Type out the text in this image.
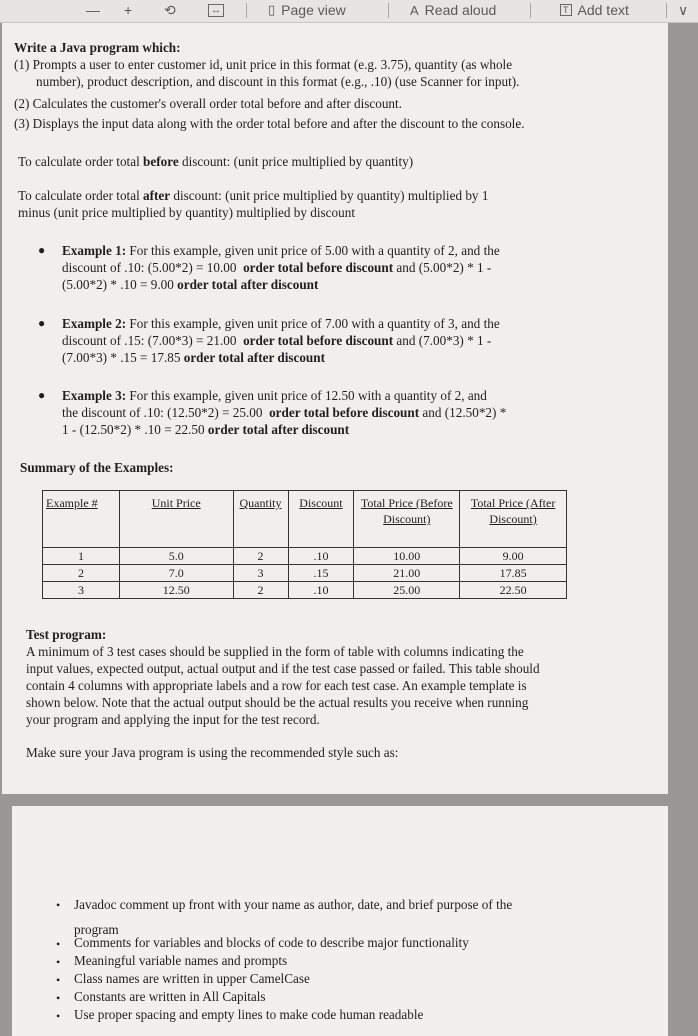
— + ⟲	↔	▯ Page view	A Read aloud	T Add text	∨
Write a Java program which:
(1) Prompts a user to enter customer id, unit price in this format (e.g. 3.75), quantity (as whole
number), product description, and discount in this format (e.g., .10) (use Scanner for input).
(2) Calculates the customer's overall order total before and after discount.
(3) Displays the input data along with the order total before and after the discount to the console.
To calculate order total before discount: (unit price multiplied by quantity)
To calculate order total after discount: (unit price multiplied by quantity) multiplied by 1
minus (unit price multiplied by quantity) multiplied by discount
● Example 1: For this example, given unit price of 5.00 with a quantity of 2, and the
discount of .10: (5.00*2) = 10.00 order total before discount and (5.00*2) * 1 -
(5.00*2) * .10 = 9.00 order total after discount
● Example 2: For this example, given unit price of 7.00 with a quantity of 3, and the
discount of .15: (7.00*3) = 21.00 order total before discount and (7.00*3) * 1 -
(7.00*3) * .15 = 17.85 order total after discount
● Example 3: For this example, given unit price of 12.50 with a quantity of 2, and
the discount of .10: (12.50*2) = 25.00 order total before discount and (12.50*2) *
1 - (12.50*2) * .10 = 22.50 order total after discount
Summary of the Examples:
Example #	Unit Price	Quantity	Discount	Total Price (Before Discount)	Total Price (After Discount)
1	5.0	2	.10	10.00	9.00
2	7.0	3	.15	21.00	17.85
3	12.50	2	.10	25.00	22.50
Test program:
A minimum of 3 test cases should be supplied in the form of table with columns indicating the
input values, expected output, actual output and if the test case passed or failed. This table should
contain 4 columns with appropriate labels and a row for each test case. An example template is
shown below. Note that the actual output should be the actual results you receive when running
your program and applying the input for the test record.
Make sure your Java program is using the recommended style such as:
• Javadoc comment up front with your name as author, date, and brief purpose of the
program
• Comments for variables and blocks of code to describe major functionality
• Meaningful variable names and prompts
• Class names are written in upper CamelCase
• Constants are written in All Capitals
• Use proper spacing and empty lines to make code human readable
